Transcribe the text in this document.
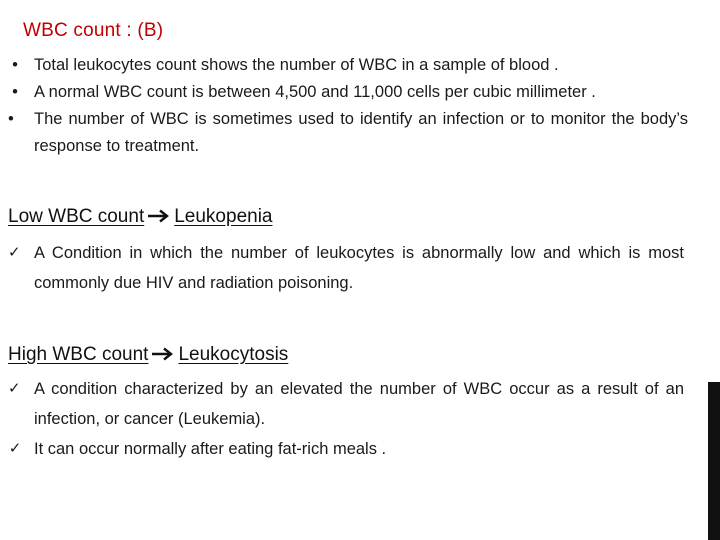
WBC count : (B)
• Total leukocytes count shows the number of WBC in a sample of blood .
• A normal WBC count is between 4,500 and 11,000 cells per cubic millimeter .
•	The number of WBC is sometimes used to identify an infection or to monitor the body’s response to treatment.
Low WBC count Leukopenia
✓ A Condition in which the number of leukocytes is abnormally low and which is most commonly due HIV and radiation poisoning.
High WBC count Leukocytosis
✓ A condition characterized by an elevated the number of WBC occur as a result of an infection, or cancer (Leukemia).
✓ It can occur normally after eating fat-rich meals .
